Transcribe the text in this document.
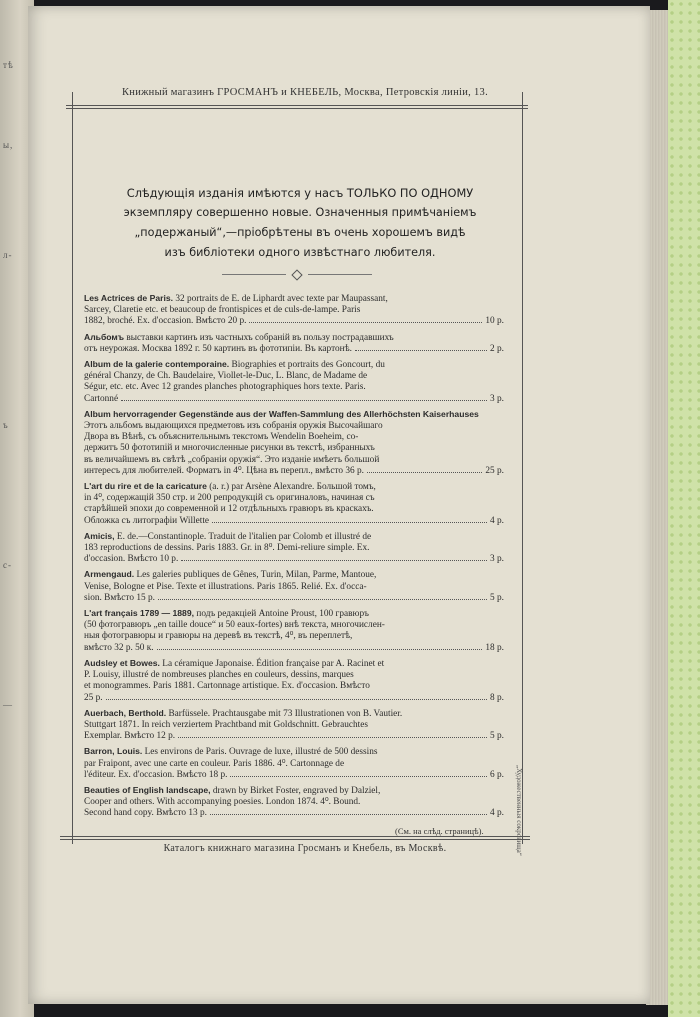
тѣ
ы,
л-
ъ
с-
—
Книжный магазинъ ГРОСМАНЪ и КНЕБЕЛЬ, Москва, Петровскія линіи, 13.
Слѣдующія изданія имѣются у насъ ТОЛЬКО ПО ОДНОМУ
экземпляру совершенно новые. Означенныя примѣчаніемъ
„подержаный“,—пріобрѣтены въ очень хорошемъ видѣ
изъ библіотеки одного извѣстнаго любителя.
Les Actrices de Paris. 32 portraits de E. de Liphardt avec texte par Maupassant,
Sarcey, Claretie etc. et beaucoup de frontispices et de culs-de-lampe. Paris
1882, broché. Ex. d'occasion. Вмѣсто 20 р.	10 р.
Альбомъ выставки картинъ изъ частныхъ собраній въ пользу пострадавшихъ
отъ неурожая. Москва 1892 г. 50 картинъ въ фототипіи. Въ картонѣ.	2 р.
Album de la galerie contemporaine. Biographies et portraits des Goncourt, du
général Chanzy, de Ch. Baudelaire, Viollet-le-Duc, L. Blanc, de Madame de
Ségur, etc. etc. Avec 12 grandes planches photographiques hors texte. Paris.
Cartonné	3 р.
Album hervorragender Gegenstände aus der Waffen-Sammlung des Allerhöchsten Kaiserhauses
Этотъ альбомъ выдающихся предметовъ изъ собранія оружія Высочайшаго
Двора въ Вѣнѣ, съ объяснительнымъ текстомъ Wendelin Boeheim, со-
держитъ 50 фототипій и многочисленные рисунки въ текстѣ, избранныхъ
въ величайшемъ въ свѣтѣ „собраніи оружія“. Это изданіе имѣетъ большой
интересъ для любителей. Форматъ in 4⁰. Цѣна въ перепл., вмѣсто 36 р.	25 р.
L'art du rire et de la caricature (a. r.) par Arsène Alexandre. Большой томъ,
in 4⁰, содержащій 350 стр. и 200 репродукцій съ оригиналовъ, начиная съ
старѣйшей эпохи до современной и 12 отдѣльныхъ гравюръ въ краскахъ.
Обложка съ литографіи Willette	4 р.
Amicis, E. de.—Constantinople. Traduit de l'italien par Colomb et illustré de
183 reproductions de dessins. Paris 1883. Gr. in 8⁰. Demi-reliure simple. Ex.
d'occasion. Вмѣсто 10 р.	3 р.
Armengaud. Les galeries publiques de Gênes, Turin, Milan, Parme, Mantoue,
Venise, Bologne et Pise. Texte et illustrations. Paris 1865. Relié. Ex. d'occa-
sion. Вмѣсто 15 р.	5 р.
L'art français 1789 — 1889, подъ редакціей Antoine Proust, 100 гравюръ
(50 фотогравюръ „en taille douce“ и 50 eaux-fortes) внѣ текста, многочислен-
ныя фотогравюры и гравюры на деревѣ въ текстѣ, 4⁰, въ переплетѣ,
вмѣсто 32 р. 50 к.	18 р.
Audsley et Bowes. La céramique Japonaise. Édition française par A. Racinet et
P. Louisy, illustré de nombreuses planches en couleurs, dessins, marques
et monogrammes. Paris 1881. Cartonnage artistique. Ex. d'occasion. Вмѣсто
25 р.	8 р.
Auerbach, Berthold. Barfüssele. Prachtausgabe mit 73 Illustrationen von B. Vautier.
Stuttgart 1871. In reich verziertem Prachtband mit Goldschnitt. Gebrauchtes
Exemplar. Вмѣсто 12 р.	5 р.
Barron, Louis. Les environs de Paris. Ouvrage de luxe, illustré de 500 dessins
par Fraipont, avec une carte en couleur. Paris 1886. 4⁰. Cartonnage de
l'éditeur. Ex. d'occasion. Вмѣсто 18 р.	6 р.
Beauties of English landscape, drawn by Birket Foster, engraved by Dalziel,
Cooper and others. With accompanying poesies. London 1874. 4⁰. Bound.
Second hand copy. Вмѣсто 13 р.	4 р.
(См. на слѣд. страницѣ).
Каталогъ книжнаго магазина Гросманъ и Кнебель, въ Москвѣ.	„Художественныя сокровища“
